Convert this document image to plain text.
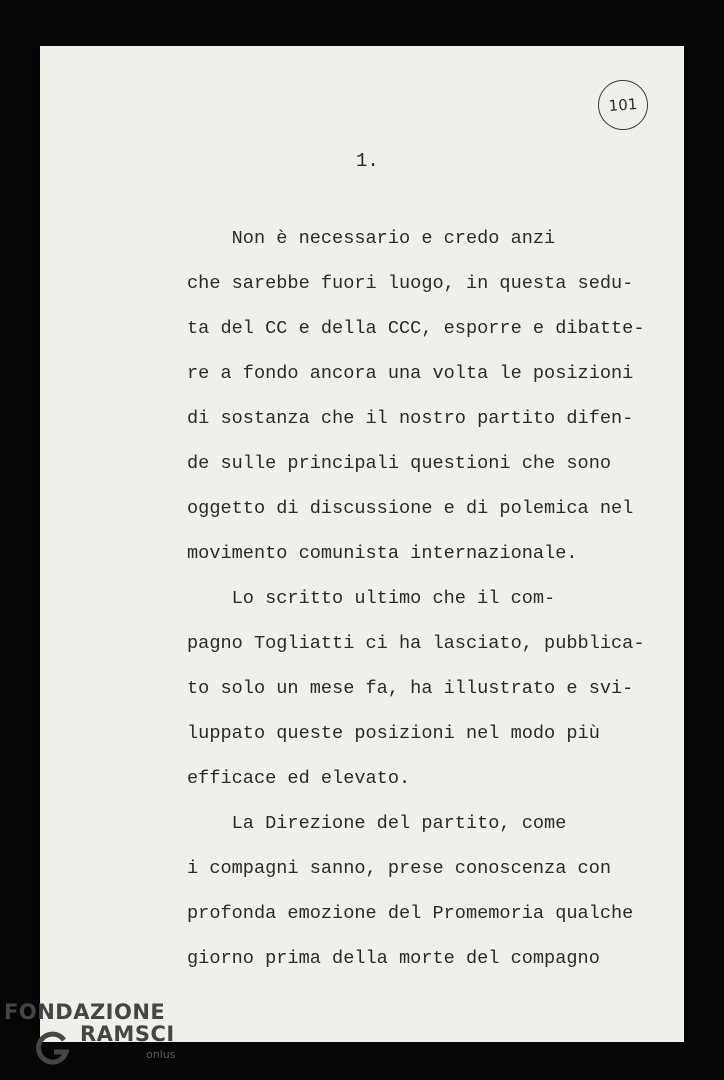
101
1.

Non è necessario e credo anzi

che sarebbe fuori luogo, in questa sedu-

ta del CC e della CCC, esporre e dibatte-

re a fondo ancora una volta le posizioni

di sostanza che il nostro partito difen-

de sulle principali questioni che sono

oggetto di discussione e di polemica nel

movimento comunista internazionale.

Lo scritto ultimo che il com-

pagno Togliatti ci ha lasciato, pubblica-

to solo un mese fa, ha illustrato e svi-

luppato queste posizioni nel modo più

efficace ed elevato.

La Direzione del partito, come

i compagni sanno, prese conoscenza con

profonda emozione del Promemoria qualche

giorno prima della morte del compagno

FONDAZIONE
RAMSCI
onlus
